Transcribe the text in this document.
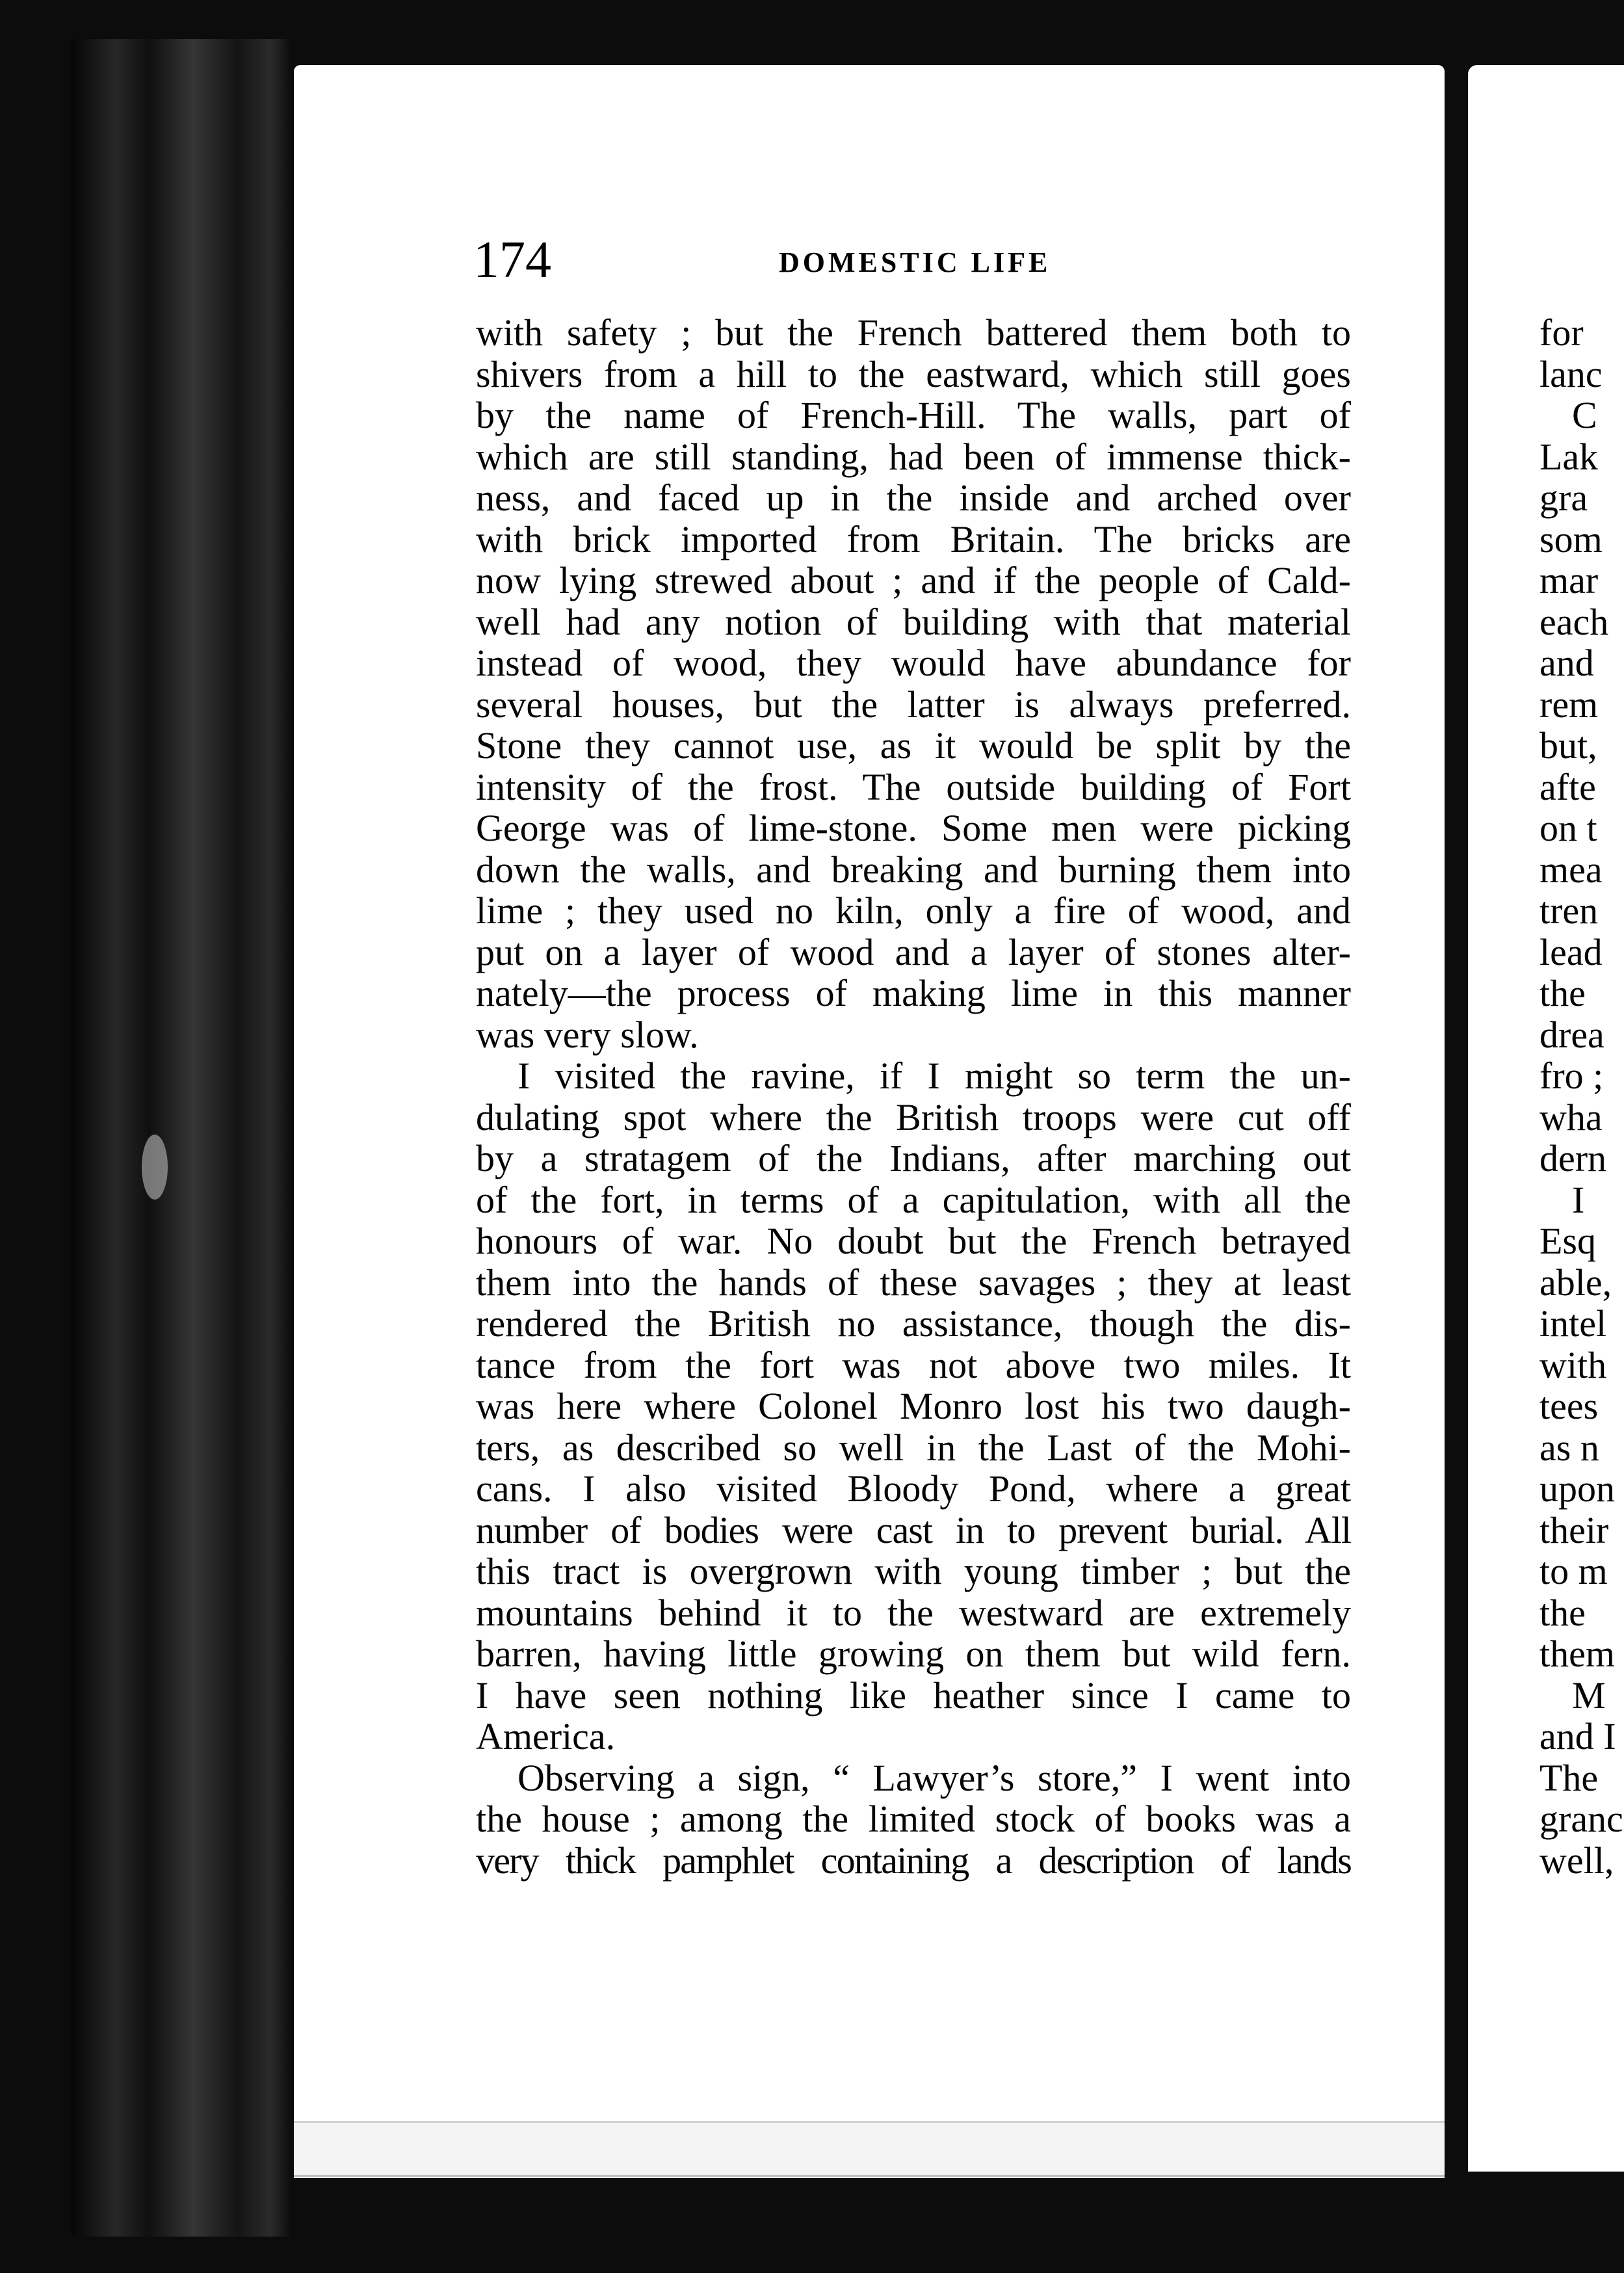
174	DOMESTIC LIFE
with safety ; but the French battered them both to
shivers from a hill to the eastward, which still goes
by the name of French-Hill. The walls, part of
which are still standing, had been of immense thick-
ness, and faced up in the inside and arched over
with brick imported from Britain. The bricks are
now lying strewed about ; and if the people of Cald-
well had any notion of building with that material
instead of wood, they would have abundance for
several houses, but the latter is always preferred.
Stone they cannot use, as it would be split by the
intensity of the frost. The outside building of Fort
George was of lime-stone. Some men were picking
down the walls, and breaking and burning them into
lime ; they used no kiln, only a fire of wood, and
put on a layer of wood and a layer of stones alter-
nately—the process of making lime in this manner
was very slow.
I visited the ravine, if I might so term the un-
dulating spot where the British troops were cut off
by a stratagem of the Indians, after marching out
of the fort, in terms of a capitulation, with all the
honours of war. No doubt but the French betrayed
them into the hands of these savages ; they at least
rendered the British no assistance, though the dis-
tance from the fort was not above two miles. It
was here where Colonel Monro lost his two daugh-
ters, as described so well in the Last of the Mohi-
cans. I also visited Bloody Pond, where a great
number of bodies were cast in to prevent burial. All
this tract is overgrown with young timber ; but the
mountains behind it to the westward are extremely
barren, having little growing on them but wild fern.
I have seen nothing like heather since I came to
America.
Observing a sign, “ Lawyer’s store,” I went into
the house ; among the limited stock of books was a
very thick pamphlet containing a description of lands
for
lanc
C
Lak
gra
som
mar
each
and
rem
but,
afte
on t
mea
tren
lead
the
drea
fro ;
wha
dern
I
Esq
able,
intel
with
tees
as n
upon
their
to m
the
them
M
and I
The
granc
well,
